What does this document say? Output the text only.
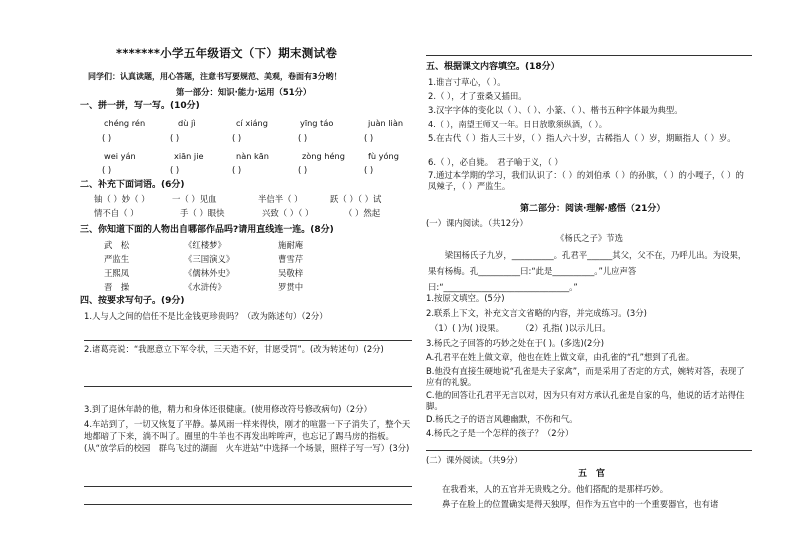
*******小学五年级语文（下）期末测试卷
同学们：认真读题，用心答题，注意书写要规范、美观，卷面有3分哟！
第一部分：知识·能力·运用（51分）
一、拼一拼，写一写。(10分)
chéng rén	dù jì	cí xiáng	yīng táo	juàn liàn
( )	( )	( )	( )	( )
wei yán	xiān jie	nàn kān	zòng héng	fù yóng
( )	( )	( )	( )	( )
二、补充下面词语。(6分)
铀（ ）妙（ ）	一（ ）见血	半信半（ ）	跃（ ）（ ）试
情不自（ ）	手（ ）眼快	兴致（ ）（ ）	（ ）然起
三、你知道下面的人物出自哪部作品吗?请用直线连一连。(8分)
武　松
严监生
王熙凤
晋　操
《红楼梦》
《三国演义》
《儒林外史》
《水浒传》
施耐庵
曹雪芹
吴敬梓
罗贯中
四、按要求写句子。(9分)
1.人与人之间的信任不是比金钱更珍贵吗？（改为陈述句）（2分）
2.诸葛亮说：“我愿意立下军令状，三天造不好，甘愿受罚”。(改为转述句）(2分)
3.到了退休年龄的他，精力和身体还很健康。(使用修改符号修改病句)（2分）
4.车站到了，一切又恢复了平静。暴风雨一样来得快，刚才的喧嚣一下子消失了，整个天地都暗了下来，淌不叫了。圈里的牛羊也不再发出哞哞声，也忘记了踢马房的指板。(从“放学后的校园　群鸟飞过的湖面　火车进站”中选择一个场景，照样子写一写）(3分)
五、根据课文内容填空。(18分）
1.谁言寸草心，（ ）。
2.（ ），才了蚕桑又插田。
3.汉字字体的变化以（ ）、（ ）、小篆、（ ）、楷书五种字体最为典型。
4.（ ），南望王师又一年。日日放歌须纵酒，（ ）。
5.在古代（ ）指人三十岁，（ ）指人六十岁，古稀指人（ ）岁，期颐指人（ ）岁。
6.（ ），必自毙。　君子喻于义，（ ）
7.通过本学期的学习，我们认识了：（ ）的刘伯承（ ）的孙膑，（ ）的小嘎子，（ ）的凤辣子，（ ）严监生。
第二部分：阅读·理解·感悟（21分）
(一）课内阅读。（共12分）
《杨氏之子》节选
梁国杨氏子九岁，__________。孔君平______其父，父不在，乃呼儿出。为设果，果有杨梅。孔__________曰:“此是__________。”儿应声答曰:“______________________________。”
1.按原文填空。(5分)
2.联系上下文，补充文言文省略的内容，并完成练习。(3分)
（1）( )为( )设果。　　　（2）孔指( )以示儿曰。
3.杨氏之子回答的巧妙之处在于( )。(多选)(2分)
A.孔君平在姓上做文章，他也在姓上做文章，由孔雀的“孔”想到了孔雀。
B.他没有直接生硬地说“孔雀是夫子家禽”，而是采用了否定的方式，婉转对答，表现了应有的礼貌。
C.他的回答让孔君平无言以对，因为只有对方承认孔雀是自家的鸟，他说的话才站得住脚。
D.杨氏之子的语言风趣幽默，不伤和气。
4.杨氏之子是一个怎样的孩子？（2分）
(二）课外阅读。（共9分）
五　官
在我看来，人的五官并无贵贱之分。他们搭配的是那样巧妙。
鼻子在脸上的位置确实是得天独厚，但作为五官中的一个重要器官，也有诸
